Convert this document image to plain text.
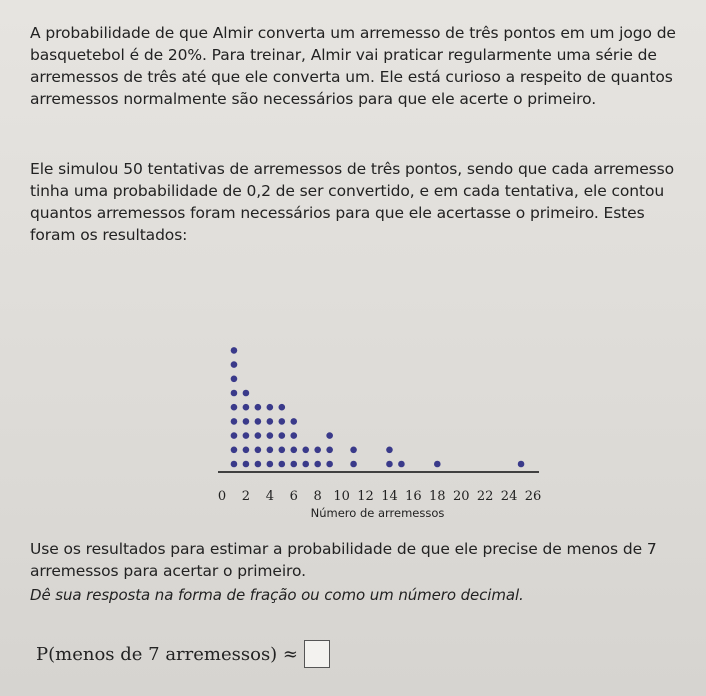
A probabilidade de que Almir converta um arremesso de três pontos em um jogo de basquetebol é de 20%. Para treinar, Almir vai praticar regularmente uma série de arremessos de três até que ele converta um. Ele está curioso a respeito de quantos arremessos normalmente são necessários para que ele acerte o primeiro.

Ele simulou 50 tentativas de arremessos de três pontos, sendo que cada arremesso tinha uma probabilidade de 0,2 de ser convertido, e em cada tentativa, ele contou quantos arremessos foram necessários para que ele acertasse o primeiro. Estes foram os resultados:

0 2 4 6 8 10 12 14 16 18 20 22 24 26
Número de arremessos

Use os resultados para estimar a probabilidade de que ele precise de menos de 7 arremessos para acertar o primeiro.

Dê sua resposta na forma de fração ou como um número decimal.

P(menos de 7 arremessos) ≈
